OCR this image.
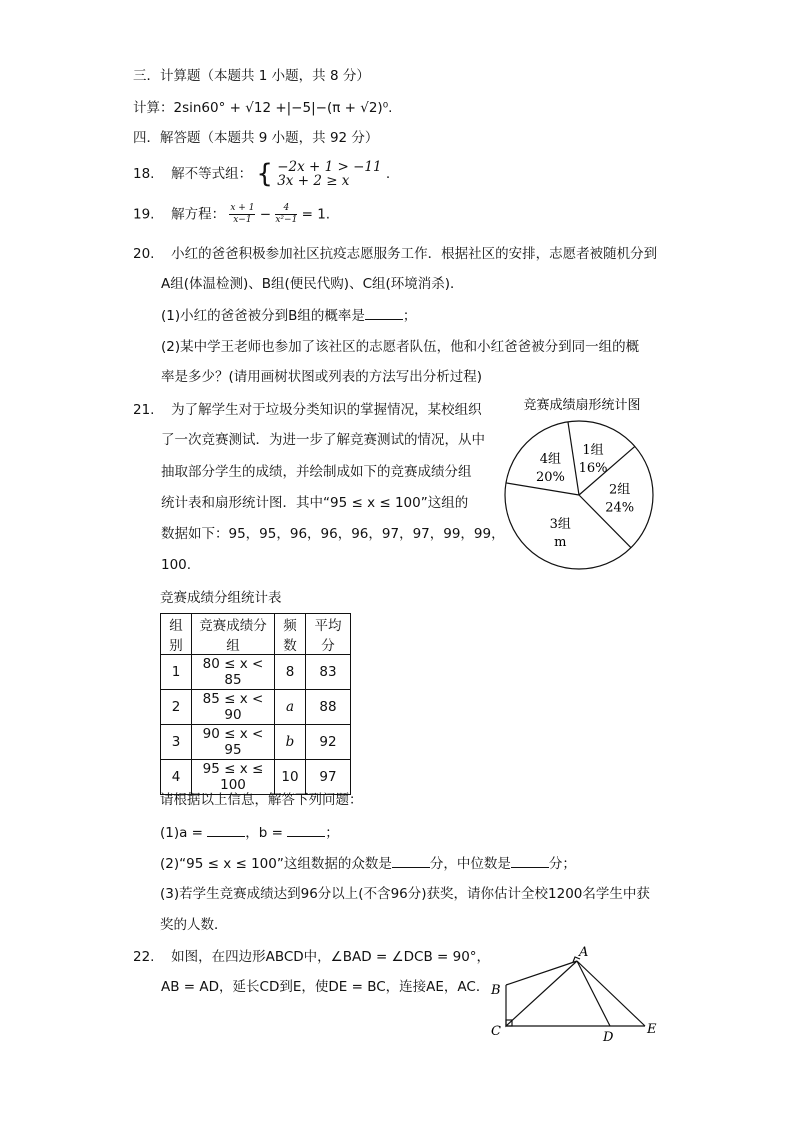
三．计算题（本题共 1 小题，共 8 分）
计算：2sin60° + √12 +|−5|−(π + √2)⁰.
四．解答题（本题共 9 小题，共 92 分）
18. 解不等式组： { −2x + 1 > −11
3x + 2 ≥ x	.
19. 解方程： $\frac{x + 1}{x-1} - \frac{4}{\text{x²−1}} = 1$.
20. 小红的爸爸积极参加社区抗疫志愿服务工作．根据社区的安排，志愿者被随机分到
A组(体温检测)、B组(便民代购)、C组(环境消杀)．
(1)小红的爸爸被分到B组的概率是	；
(2)某中学王老师也参加了该社区的志愿者队伍，他和小红爸爸被分到同一组的概
率是多少？(请用画树状图或列表的方法写出分析过程)
21. 为了解学生对于垃圾分类知识的掌握情况，某校组织
了一次竞赛测试．为进一步了解竞赛测试的情况，从中
抽取部分学生的成绩，并绘制成如下的竞赛成绩分组
统计表和扇形统计图．其中“95 ≤ x ≤ 100”这组的
数据如下：95，95，96，96，96，97，97，99，99，
100.
竞赛成绩扇形统计图
1组
16%
2组
24%
3组
m
4组
20%
竞赛成绩分组统计表
组别	竞赛成绩分组	频数	平均分
1	80 ≤ x < 85	8	83
2	85 ≤ x < 90	a	88
3	90 ≤ x < 95	b	92
4	95 ≤ x ≤ 100	10	97
请根据以上信息，解答下列问题：
(1)a =	，b =	；
(2)“95 ≤ x ≤ 100”这组数据的众数是	分，中位数是	分；
(3)若学生竞赛成绩达到96分以上(不含96分)获奖，请你估计全校1200名学生中获
奖的人数．
22. 如图，在四边形ABCD中，∠BAD = ∠DCB = 90°，
AB = AD，延长CD到E，使DE = BC，连接AE，AC．
A
B
C	D
E
